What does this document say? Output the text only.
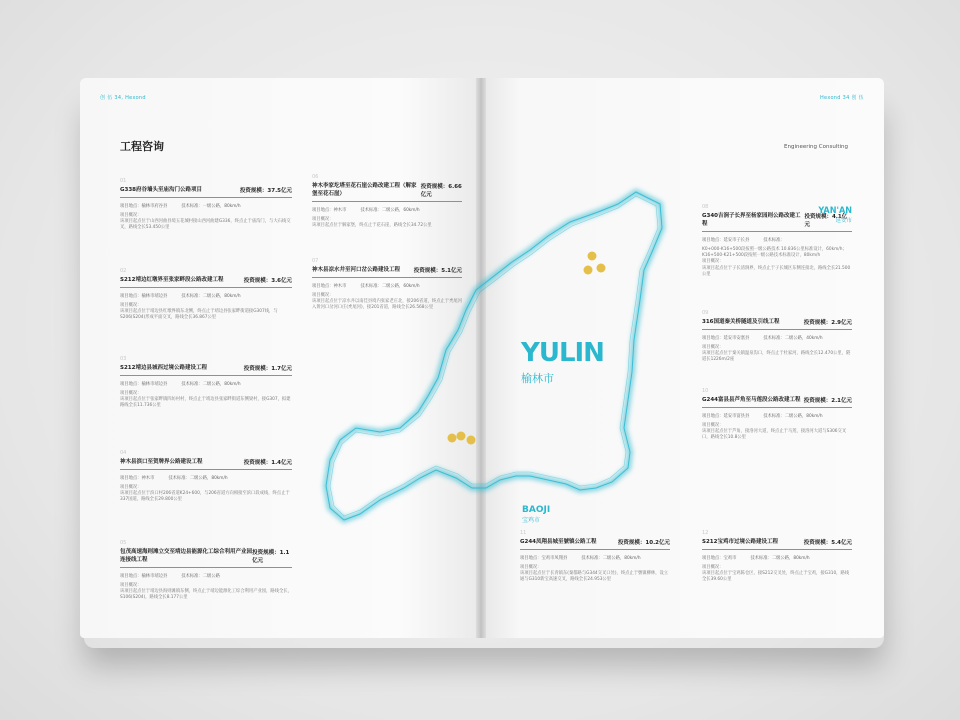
创 伍 34, Hexond
工程咨询
01
G338府谷墙头至庙沟门公路项目	投资规模：37.5亿元
项目地点：榆林市府谷县	技术标准：一级公路，80km/h
项目概况：
该项目起点位于山西河曲县境五花城村接山西河曲建G336，终点止于庙沟门，与大石线交叉，路线全长53.450公里
02
S212靖边红墩界至张家畔段公路改建工程	投资规模：3.6亿元
项目地点：榆林市靖边县	技术标准：二级公路，80km/h
项目概况：
该项目起点位于靖边县红墩界镇东北侧，终点止于靖边县张家畔街道接G307线，与S206(S204)形成平面交叉，路线全长36.867公里
03
S212靖边县城西过境公路建设工程	投资规模：1.7亿元
项目地点：榆林市靖边县	技术标准：二级公路，80km/h
项目概况：
该项目起点位于张家畔镇四坊村村，终点止于靖边县张家畔街道东侧梁村，接G307，拟建路线全长11.736公里
04
神木县滨口至贺牌界公路建设工程	投资规模：1.4亿元
项目地点：神木市	技术标准：二级公路，80km/h
项目概况：
该项目起点位于滨口村206省道K24+600，与206省道方向相接至滨口段成线，终点止于337国道，路线全长29.800公里
05
包茂高速海则滩立交至靖边县能源化工综合利用产业园连接线工程
投资规模：1.1亿元
项目地点：榆林市靖边县	技术标准：二级公路
项目概况：
该项目起点位于靖边县海则滩镇东侧，终点止于靖边能源化工综合利用产业园，路线全长，S106(S204)，路线全长8.177公里
06
神木李家圪塔至花石崖公路改建工程（解家堡至花石崖）
投资规模：6.66亿元
项目地点：神木市	技术标准：二级公路，60km/h
项目概况：
该项目起点位于解家堡，终点止于花石崖，路线全长34.72公里
07
神木县凉水井至河口岔公路建设工程 投资规模：5.1亿元
项目地点：神木市	技术标准：二级公路，60km/h
项目概况：
该项目起点位于凉水井以南佳县境内张家老庄北，接206省道，终点止于秃尾河入黄河口岔河口庄(秃尾河)，接201省道，路线全长26.568公里
Hexond 34 创 伍
Engineering Consulting
08
G340吉涧子长界至杨家园则公路改建工程
投资规模：4.1亿元
项目地点：延安市子长县	技术标准：
K0+000-K16+500段按照一级公路技术 10.836公里标准设计，60km/h；K16+500-K21+500段按照一级公路技术标准设计，80km/h
项目概况：
该项目起点位于子长清涧界，终点止于子长城区东侧连接北，路线全长21.500公里
09
316国道秦关桥隧道及引线工程	投资规模：2.9亿元
项目地点：延安市安塞县	技术标准：二级公路，40km/h
项目概况：
该项目起点位于秦关镇温泉沟口，终点止于杜家河，路线全长12.470公里，隧道长1226m/2座
10
G244富县县芦角至马莲段公路改建工程 投资规模：2.1亿元
项目地点：延安市富县县	技术标准：二级公路，80km/h
项目概况：
该项目起点位于芦角，接洛河大道，终点止于马莲，接洛河大道与S306交叉口，路线全长10.8公里
11
G244凤翔县城至號镇公路工程	投资规模：10.2亿元
项目地点：宝鸡市凤翔县	技术标准：二级公路，80km/h
项目概况：
该项目起点位于长青镇东(秦都路与G344交叉口处)，终点止于號镇柳林，设立通与G310新宝高速交叉，路线全长24.953公里
12
S212宝鸡市过境公路建设工程	投资规模：5.4亿元
项目地点：宝鸡市	技术标准：二级公路，80km/h
项目概况：
该项目起点位于宝鸡陈仓区，接S212交叉处，终点止于宝鸡，接G310，路线全长39.60公里
YAN'AN
延安市
YULIN
榆林市
BAOJI
宝鸡市
